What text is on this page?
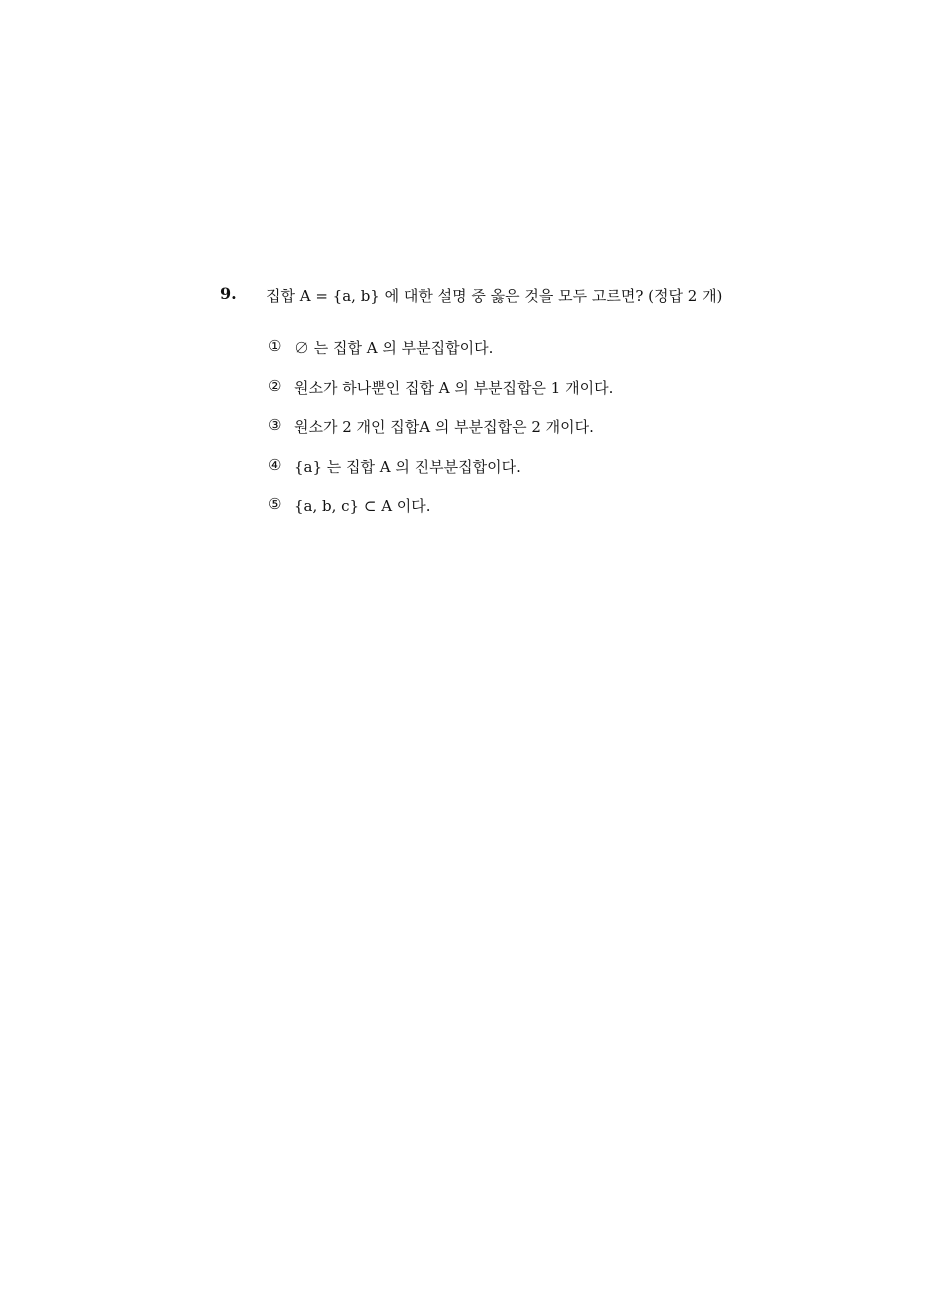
9. 집합 A = {a, b} 에 대한 설명 중 옳은 것을 모두 고르면? (정답 2 개)
① ∅ 는 집합 A 의 부분집합이다.
② 원소가 하나뿐인 집합 A 의 부분집합은 1 개이다.
③ 원소가 2 개인 집합A 의 부분집합은 2 개이다.
④ {a} 는 집합 A 의 진부분집합이다.
⑤ {a, b, c} ⊂ A 이다.
